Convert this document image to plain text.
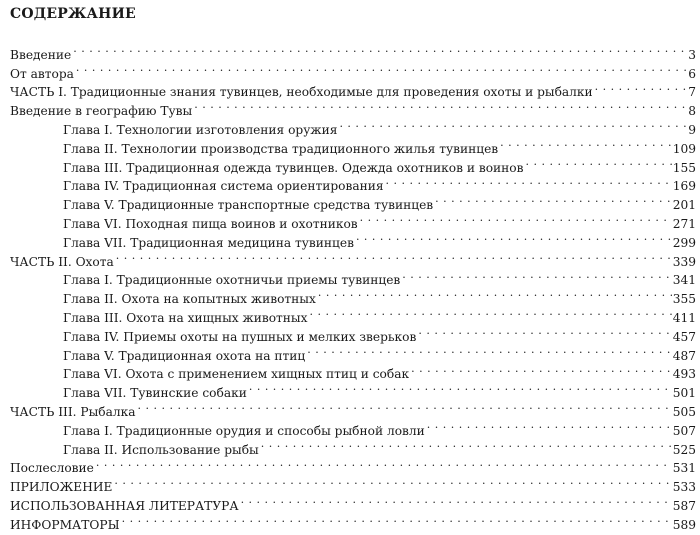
СОДЕРЖАНИЕ
Введение . . .	3
От автора . . .	6
ЧАСТЬ I. Традиционные знания тувинцев, необходимые для проведения охоты и рыбалки . . .	7
Введение в географию Тувы . . .	8
Глава I. Технологии изготовления оружия . . .	9
Глава II. Технологии производства традиционного жилья тувинцев . . .	109
Глава III. Традиционная одежда тувинцев. Одежда охотников и воинов . . .	155
Глава IV. Традиционная система ориентирования . . .	169
Глава V. Традиционные транспортные средства тувинцев . . .	201
Глава VI. Походная пища воинов и охотников . . .	271
Глава VII. Традиционная медицина тувинцев . . .	299
ЧАСТЬ II. Охота . . .	339
Глава I. Традиционные охотничьи приемы тувинцев . . .	341
Глава II. Охота на копытных животных . . .	355
Глава III. Охота на хищных животных . . .	411
Глава IV. Приемы охоты на пушных и мелких зверьков . . .	457
Глава V. Традиционная охота на птиц . . .	487
Глава VI. Охота с применением хищных птиц и собак . . .	493
Глава VII. Тувинские собаки . . .	501
ЧАСТЬ III. Рыбалка . . .	505
Глава I. Традиционные орудия и способы рыбной ловли . . .	507
Глава II. Использование рыбы . . .	525
Послесловие . . .	531
ПРИЛОЖЕНИЕ . . .	533
ИСПОЛЬЗОВАННАЯ ЛИТЕРАТУРА . . .	587
ИНФОРМАТОРЫ . . .	589
